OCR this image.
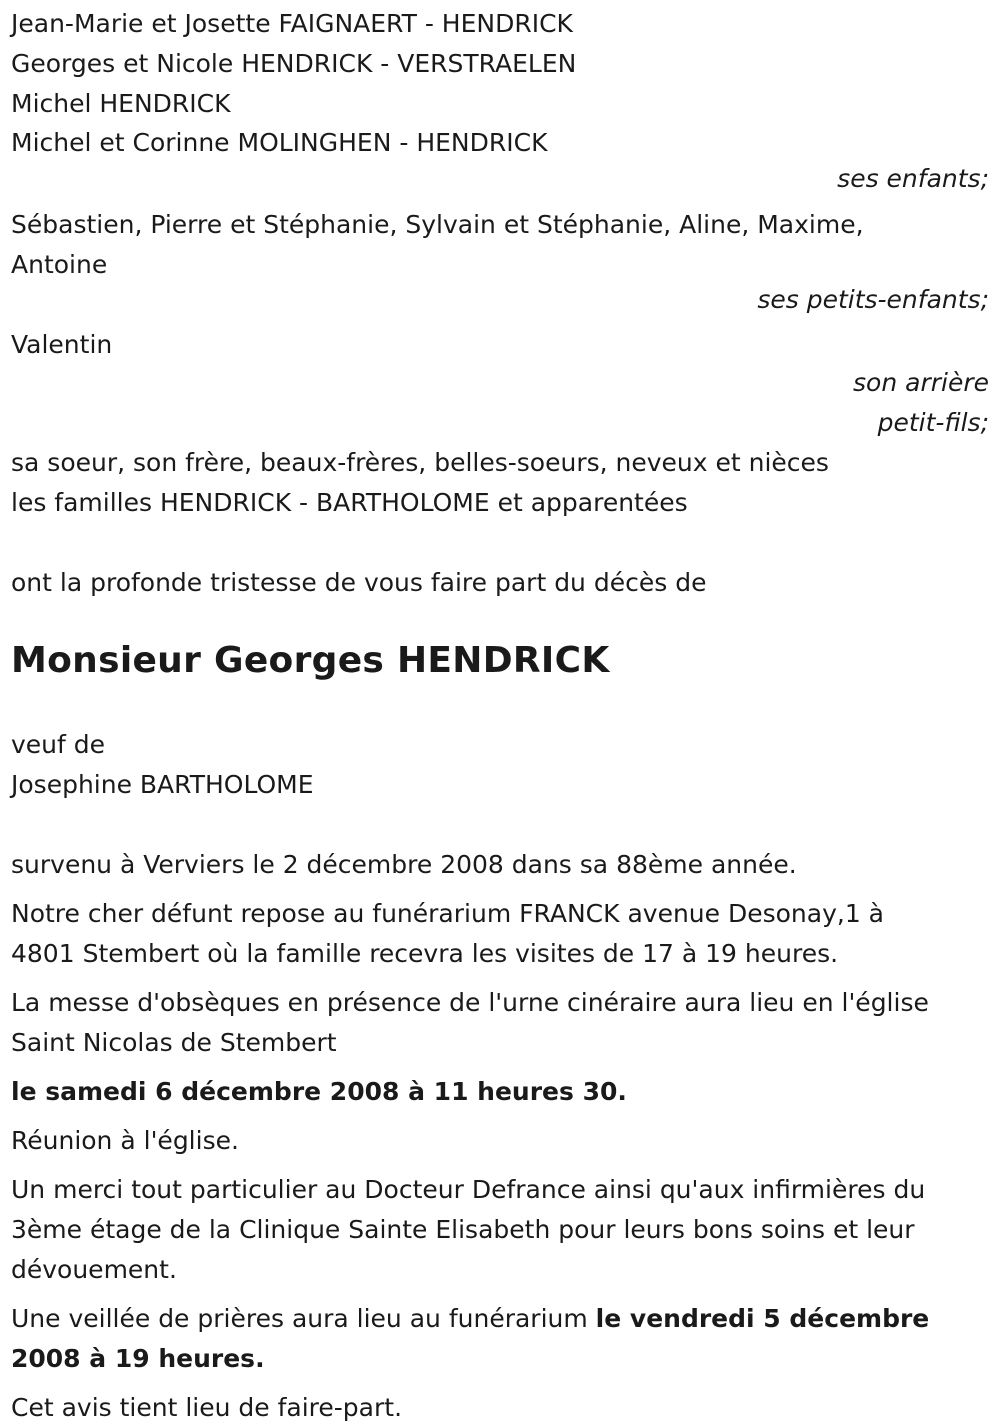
Jean-Marie et Josette FAIGNAERT - HENDRICK

Georges et Nicole HENDRICK - VERSTRAELEN

Michel HENDRICK

Michel et Corinne MOLINGHEN - HENDRICK

ses enfants;

Sébastien, Pierre et Stéphanie, Sylvain et Stéphanie, Aline, Maxime, Antoine

ses petits-enfants;

Valentin

son arrière

petit-fils;

sa soeur, son frère, beaux-frères, belles-soeurs, neveux et nièces

les familles HENDRICK - BARTHOLOME et apparentées

ont la profonde tristesse de vous faire part du décès de

Monsieur Georges HENDRICK

veuf de

Josephine BARTHOLOME

survenu à Verviers le 2 décembre 2008 dans sa 88ème année.

Notre cher défunt repose au funérarium FRANCK avenue Desonay,1 à 4801 Stembert où la famille recevra les visites de 17 à 19 heures.

La messe d'obsèques en présence de l'urne cinéraire aura lieu en l'église Saint Nicolas de Stembert

le samedi 6 décembre 2008 à 11 heures 30.

Réunion à l'église.

Un merci tout particulier au Docteur Defrance ainsi qu'aux infirmières du 3ème étage de la Clinique Sainte Elisabeth pour leurs bons soins et leur dévouement.

Une veillée de prières aura lieu au funérarium le vendredi 5 décembre 2008 à 19 heures.

Cet avis tient lieu de faire-part.
